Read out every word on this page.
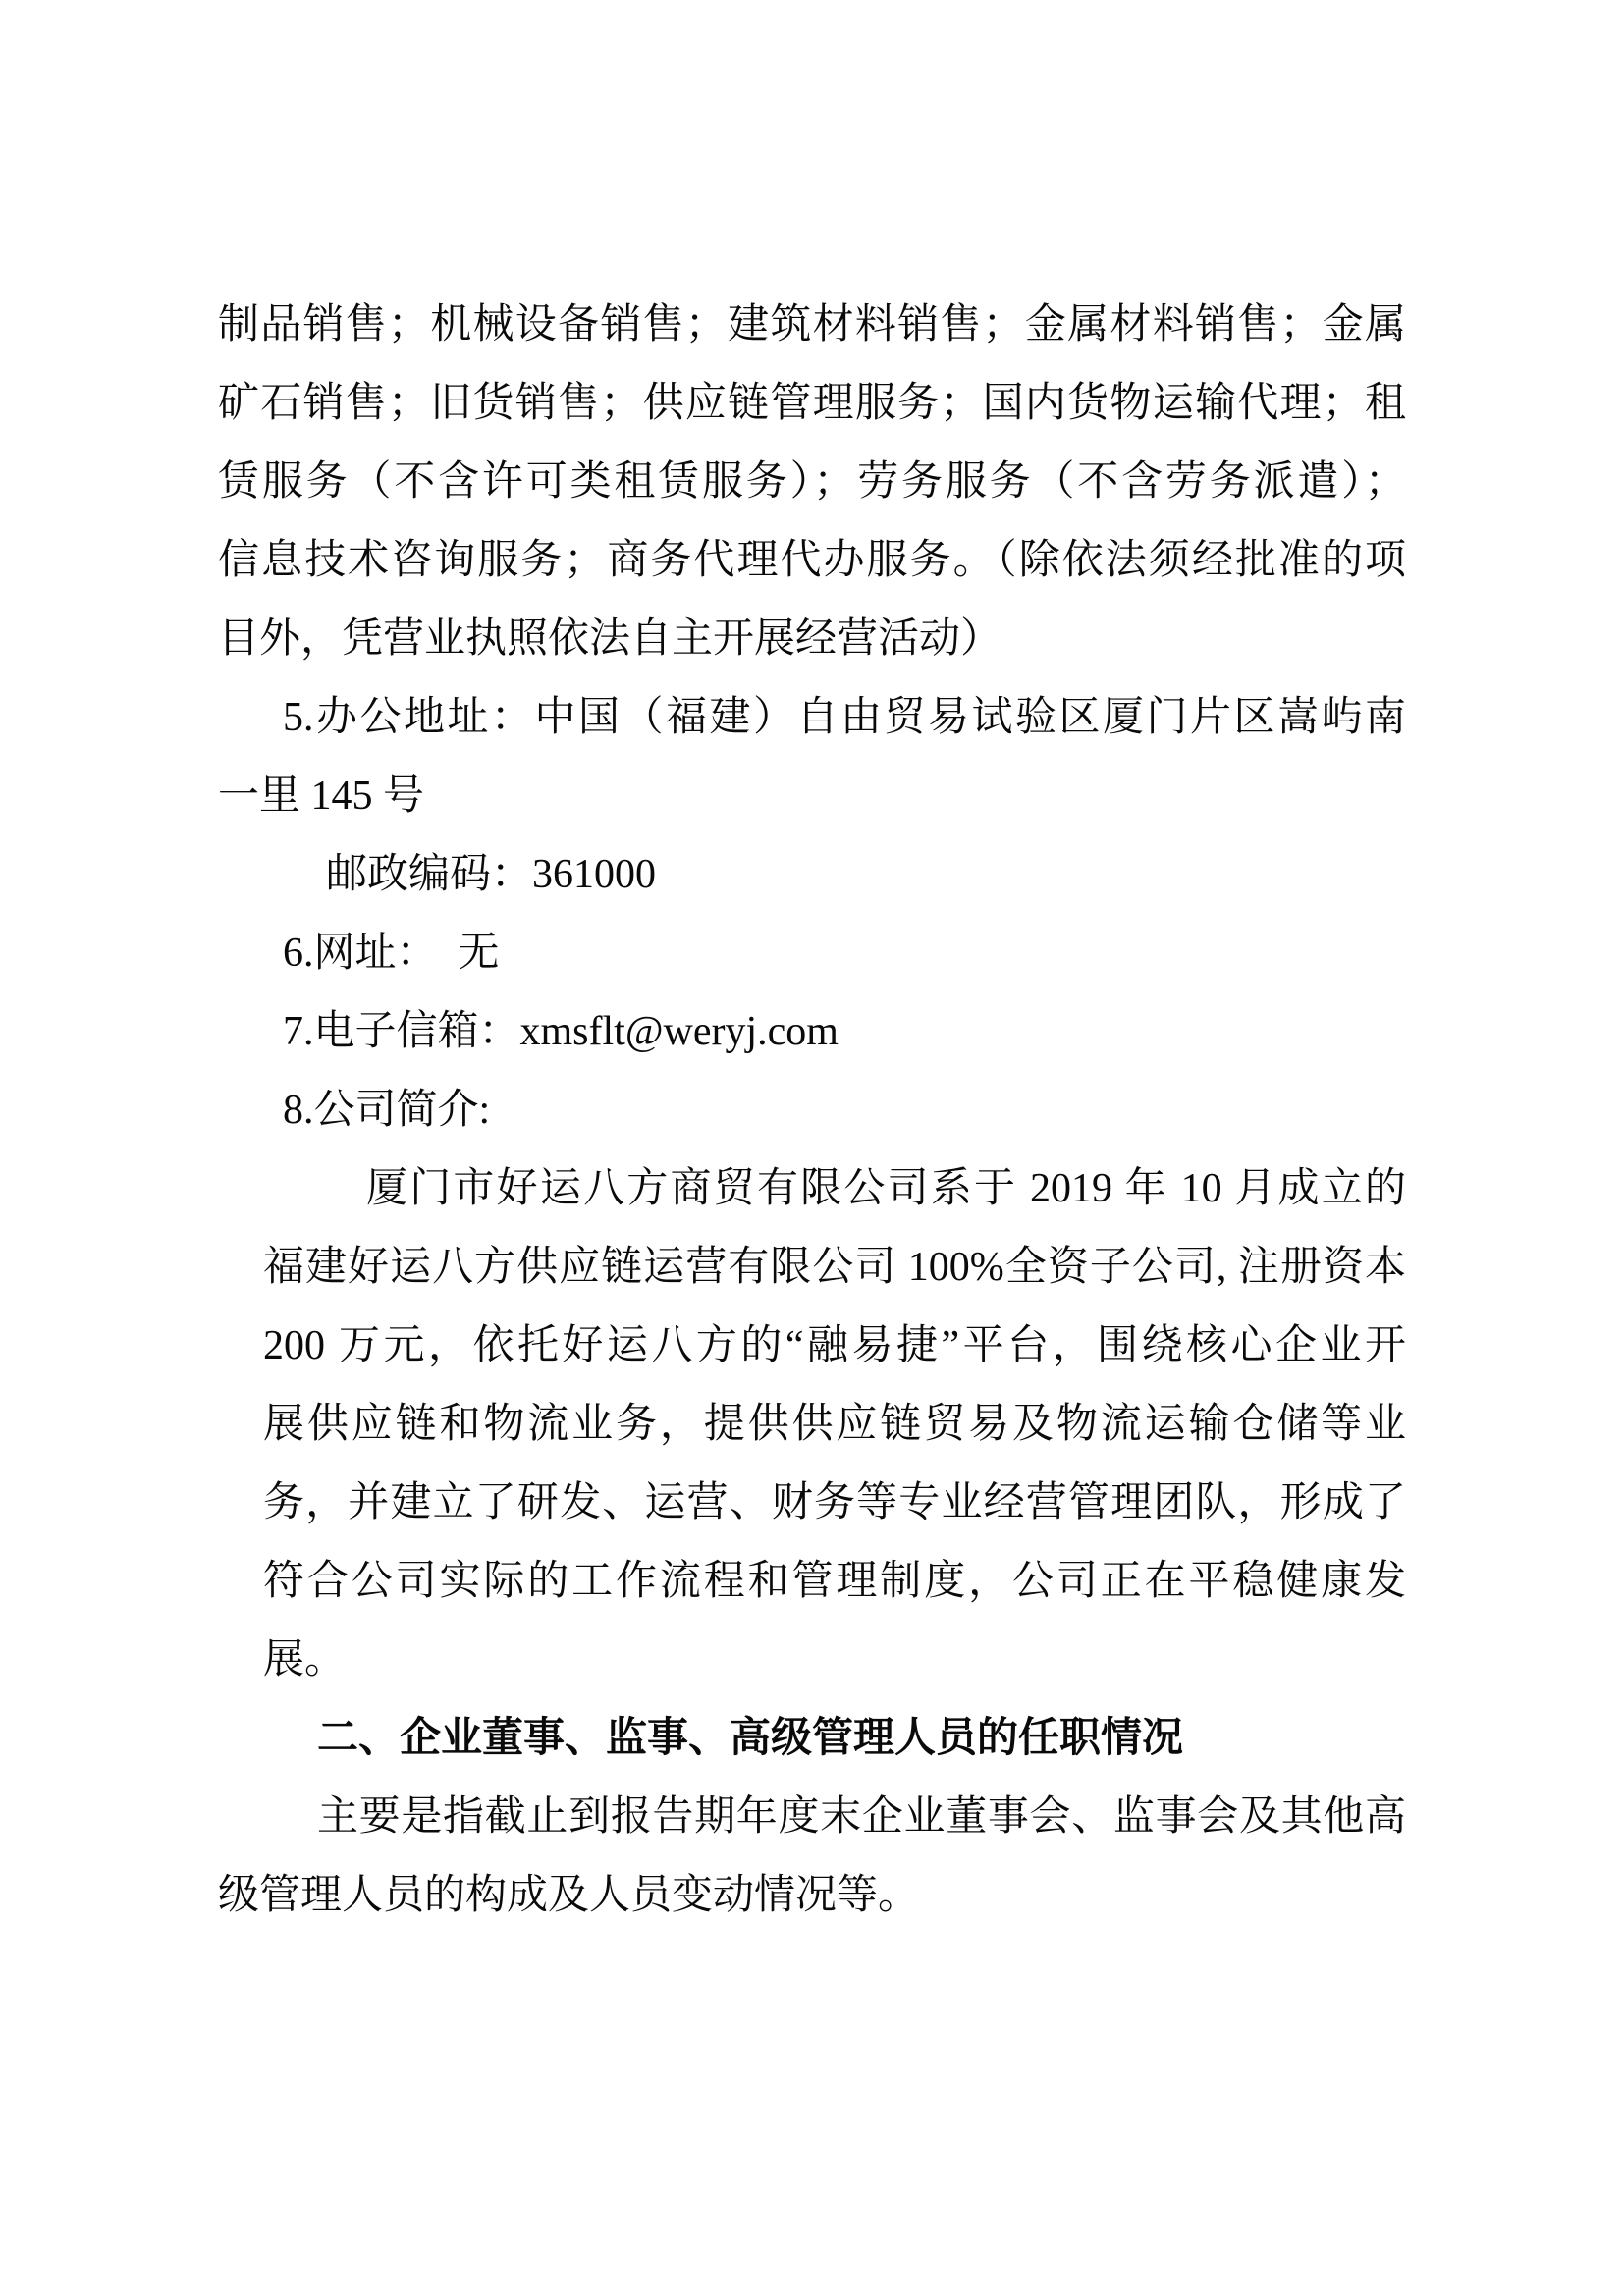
制品销售；机械设备销售；建筑材料销售；金属材料销售；金属
矿石销售；旧货销售；供应链管理服务；国内货物运输代理；租
赁服务（不含许可类租赁服务）；劳务服务（不含劳务派遣）；
信息技术咨询服务；商务代理代办服务。（除依法须经批准的项
目外，凭营业执照依法自主开展经营活动）
5.办公地址：中国（福建）自由贸易试验区厦门片区嵩屿南
一里 145 号
邮政编码：361000
6.网址：　无
7.电子信箱：xmsflt@weryj.com
8.公司简介:
厦门市好运八方商贸有限公司系于 2019 年 10 月成立的
福建好运八方供应链运营有限公司 100%全资子公司, 注册资本
200 万元，依托好运八方的“融易捷”平台，围绕核心企业开
展供应链和物流业务，提供供应链贸易及物流运输仓储等业
务，并建立了研发、运营、财务等专业经营管理团队，形成了
符合公司实际的工作流程和管理制度，公司正在平稳健康发
展。
二、企业董事、监事、高级管理人员的任职情况
主要是指截止到报告期年度末企业董事会、监事会及其他高
级管理人员的构成及人员变动情况等。
